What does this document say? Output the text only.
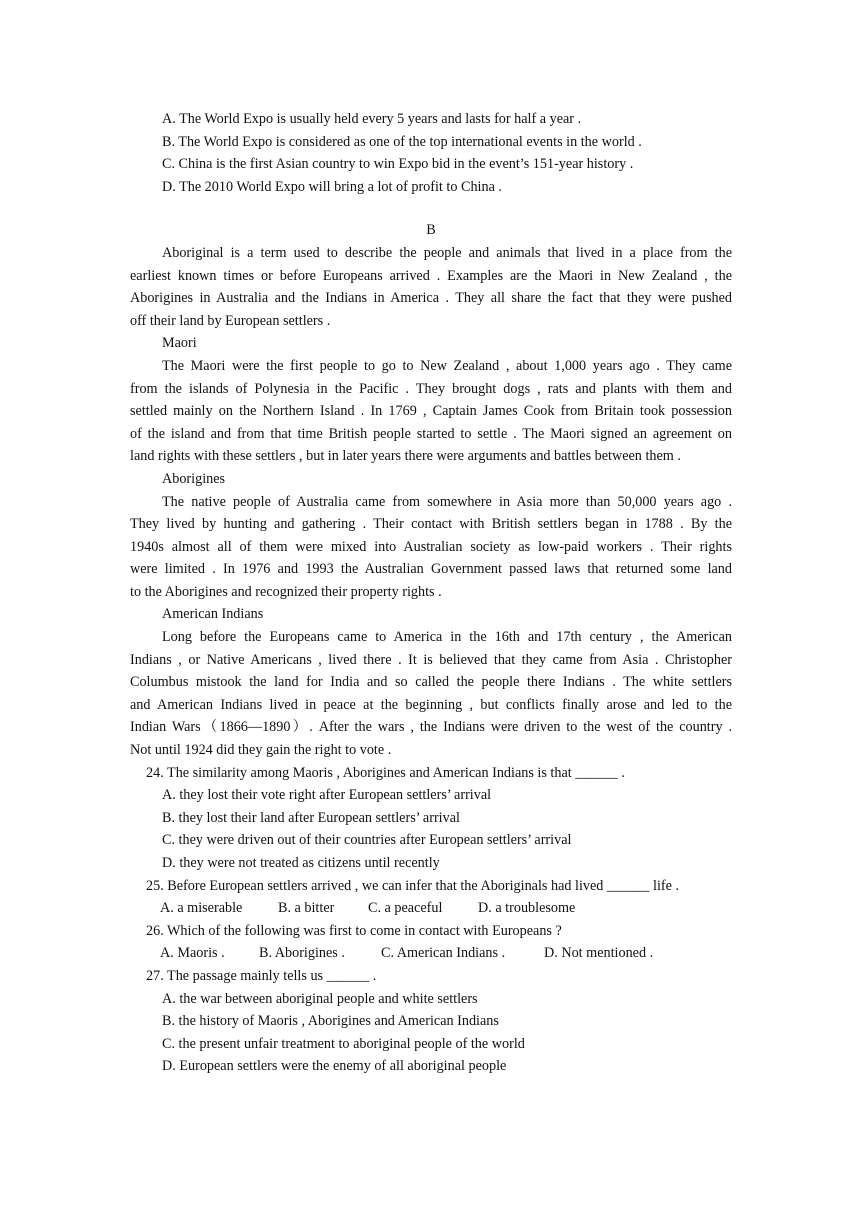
A. The World Expo is usually held every 5 years and lasts for half a year .
B. The World Expo is considered as one of the top international events in the world .
C. China is the first Asian country to win Expo bid in the event’s 151-year history .
D. The 2010 World Expo will bring a lot of profit to China .
B
Aboriginal is a term used to describe the people and animals that lived in a place from the
earliest known times or before Europeans arrived . Examples are the Maori in New Zealand , the
Aborigines in Australia and the Indians in America . They all share the fact that they were pushed
off their land by European settlers .
Maori
The Maori were the first people to go to New Zealand , about 1,000 years ago . They came
from the islands of Polynesia in the Pacific . They brought dogs , rats and plants with them and
settled mainly on the Northern Island . In 1769 , Captain James Cook from Britain took possession
of the island and from that time British people started to settle . The Maori signed an agreement on
land rights with these settlers , but in later years there were arguments and battles between them .
Aborigines
The native people of Australia came from somewhere in Asia more than 50,000 years ago .
They lived by hunting and gathering . Their contact with British settlers began in 1788 . By the
1940s almost all of them were mixed into Australian society as low-paid workers . Their rights
were limited . In 1976 and 1993 the Australian Government passed laws that returned some land
to the Aborigines and recognized their property rights .
American Indians
Long before the Europeans came to America in the 16th and 17th century , the American
Indians , or Native Americans , lived there . It is believed that they came from Asia . Christopher
Columbus mistook the land for India and so called the people there Indians . The white settlers
and American Indians lived in peace at the beginning , but conflicts finally arose and led to the
Indian Wars（1866—1890）. After the wars , the Indians were driven to the west of the country .
Not until 1924 did they gain the right to vote .
24. The similarity among Maoris , Aborigines and American Indians is that ______ .
A. they lost their vote right after European settlers’ arrival
B. they lost their land after European settlers’ arrival
C. they were driven out of their countries after European settlers’ arrival
D. they were not treated as citizens until recently
25. Before European settlers arrived , we can infer that the Aboriginals had lived ______ life .
A. a miserable	B. a bitter C. a peaceful	D. a troublesome
26. Which of the following was first to come in contact with Europeans ?
A. Maoris . B. Aborigines .	C. American Indians .	D. Not mentioned .
27. The passage mainly tells us ______ .
A. the war between aboriginal people and white settlers
B. the history of Maoris , Aborigines and American Indians
C. the present unfair treatment to aboriginal people of the world
D. European settlers were the enemy of all aboriginal people
